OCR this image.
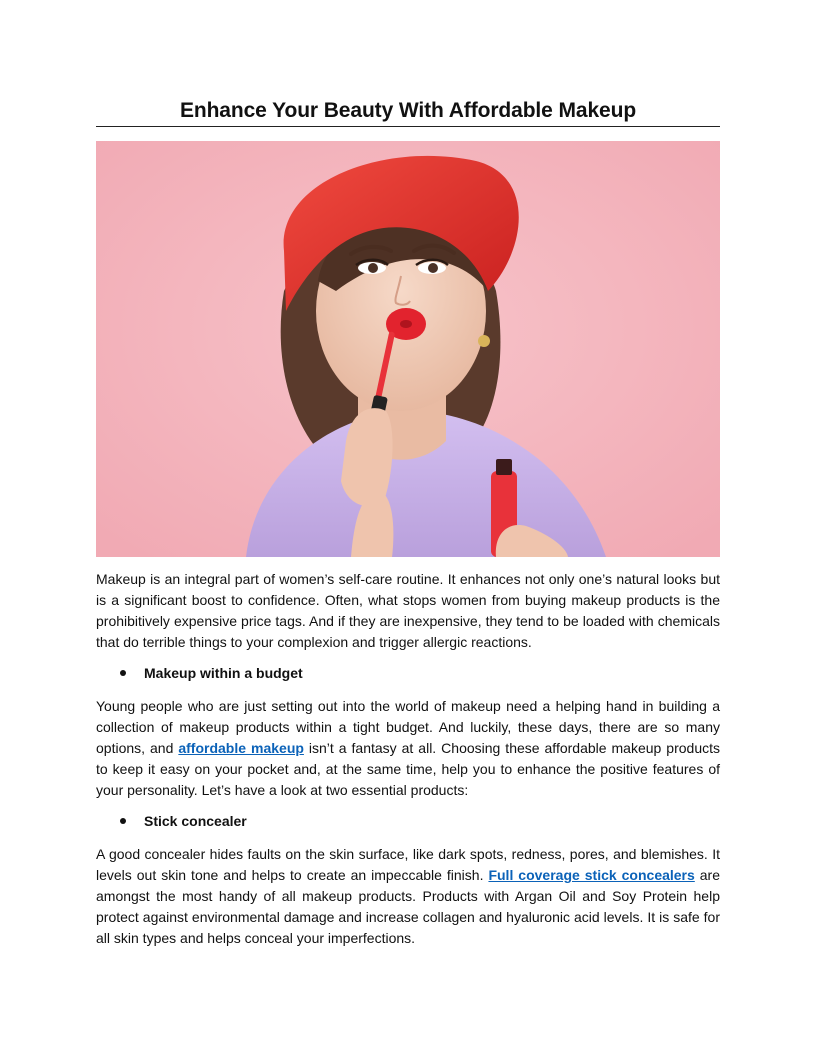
Enhance Your Beauty With Affordable Makeup

Makeup is an integral part of women’s self-care routine. It enhances not only one’s natural looks but is a significant boost to confidence. Often, what stops women from buying makeup products is the prohibitively expensive price tags. And if they are inexpensive, they tend to be loaded with chemicals that do terrible things to your complexion and trigger allergic reactions.

Makeup within a budget

Young people who are just setting out into the world of makeup need a helping hand in building a collection of makeup products within a tight budget. And luckily, these days, there are so many options, and affordable makeup isn’t a fantasy at all. Choosing these affordable makeup products to keep it easy on your pocket and, at the same time, help you to enhance the positive features of your personality. Let’s have a look at two essential products:

Stick concealer

A good concealer hides faults on the skin surface, like dark spots, redness, pores, and blemishes. It levels out skin tone and helps to create an impeccable finish. Full coverage stick concealers are amongst the most handy of all makeup products. Products with Argan Oil and Soy Protein help protect against environmental damage and increase collagen and hyaluronic acid levels. It is safe for all skin types and helps conceal your imperfections.
